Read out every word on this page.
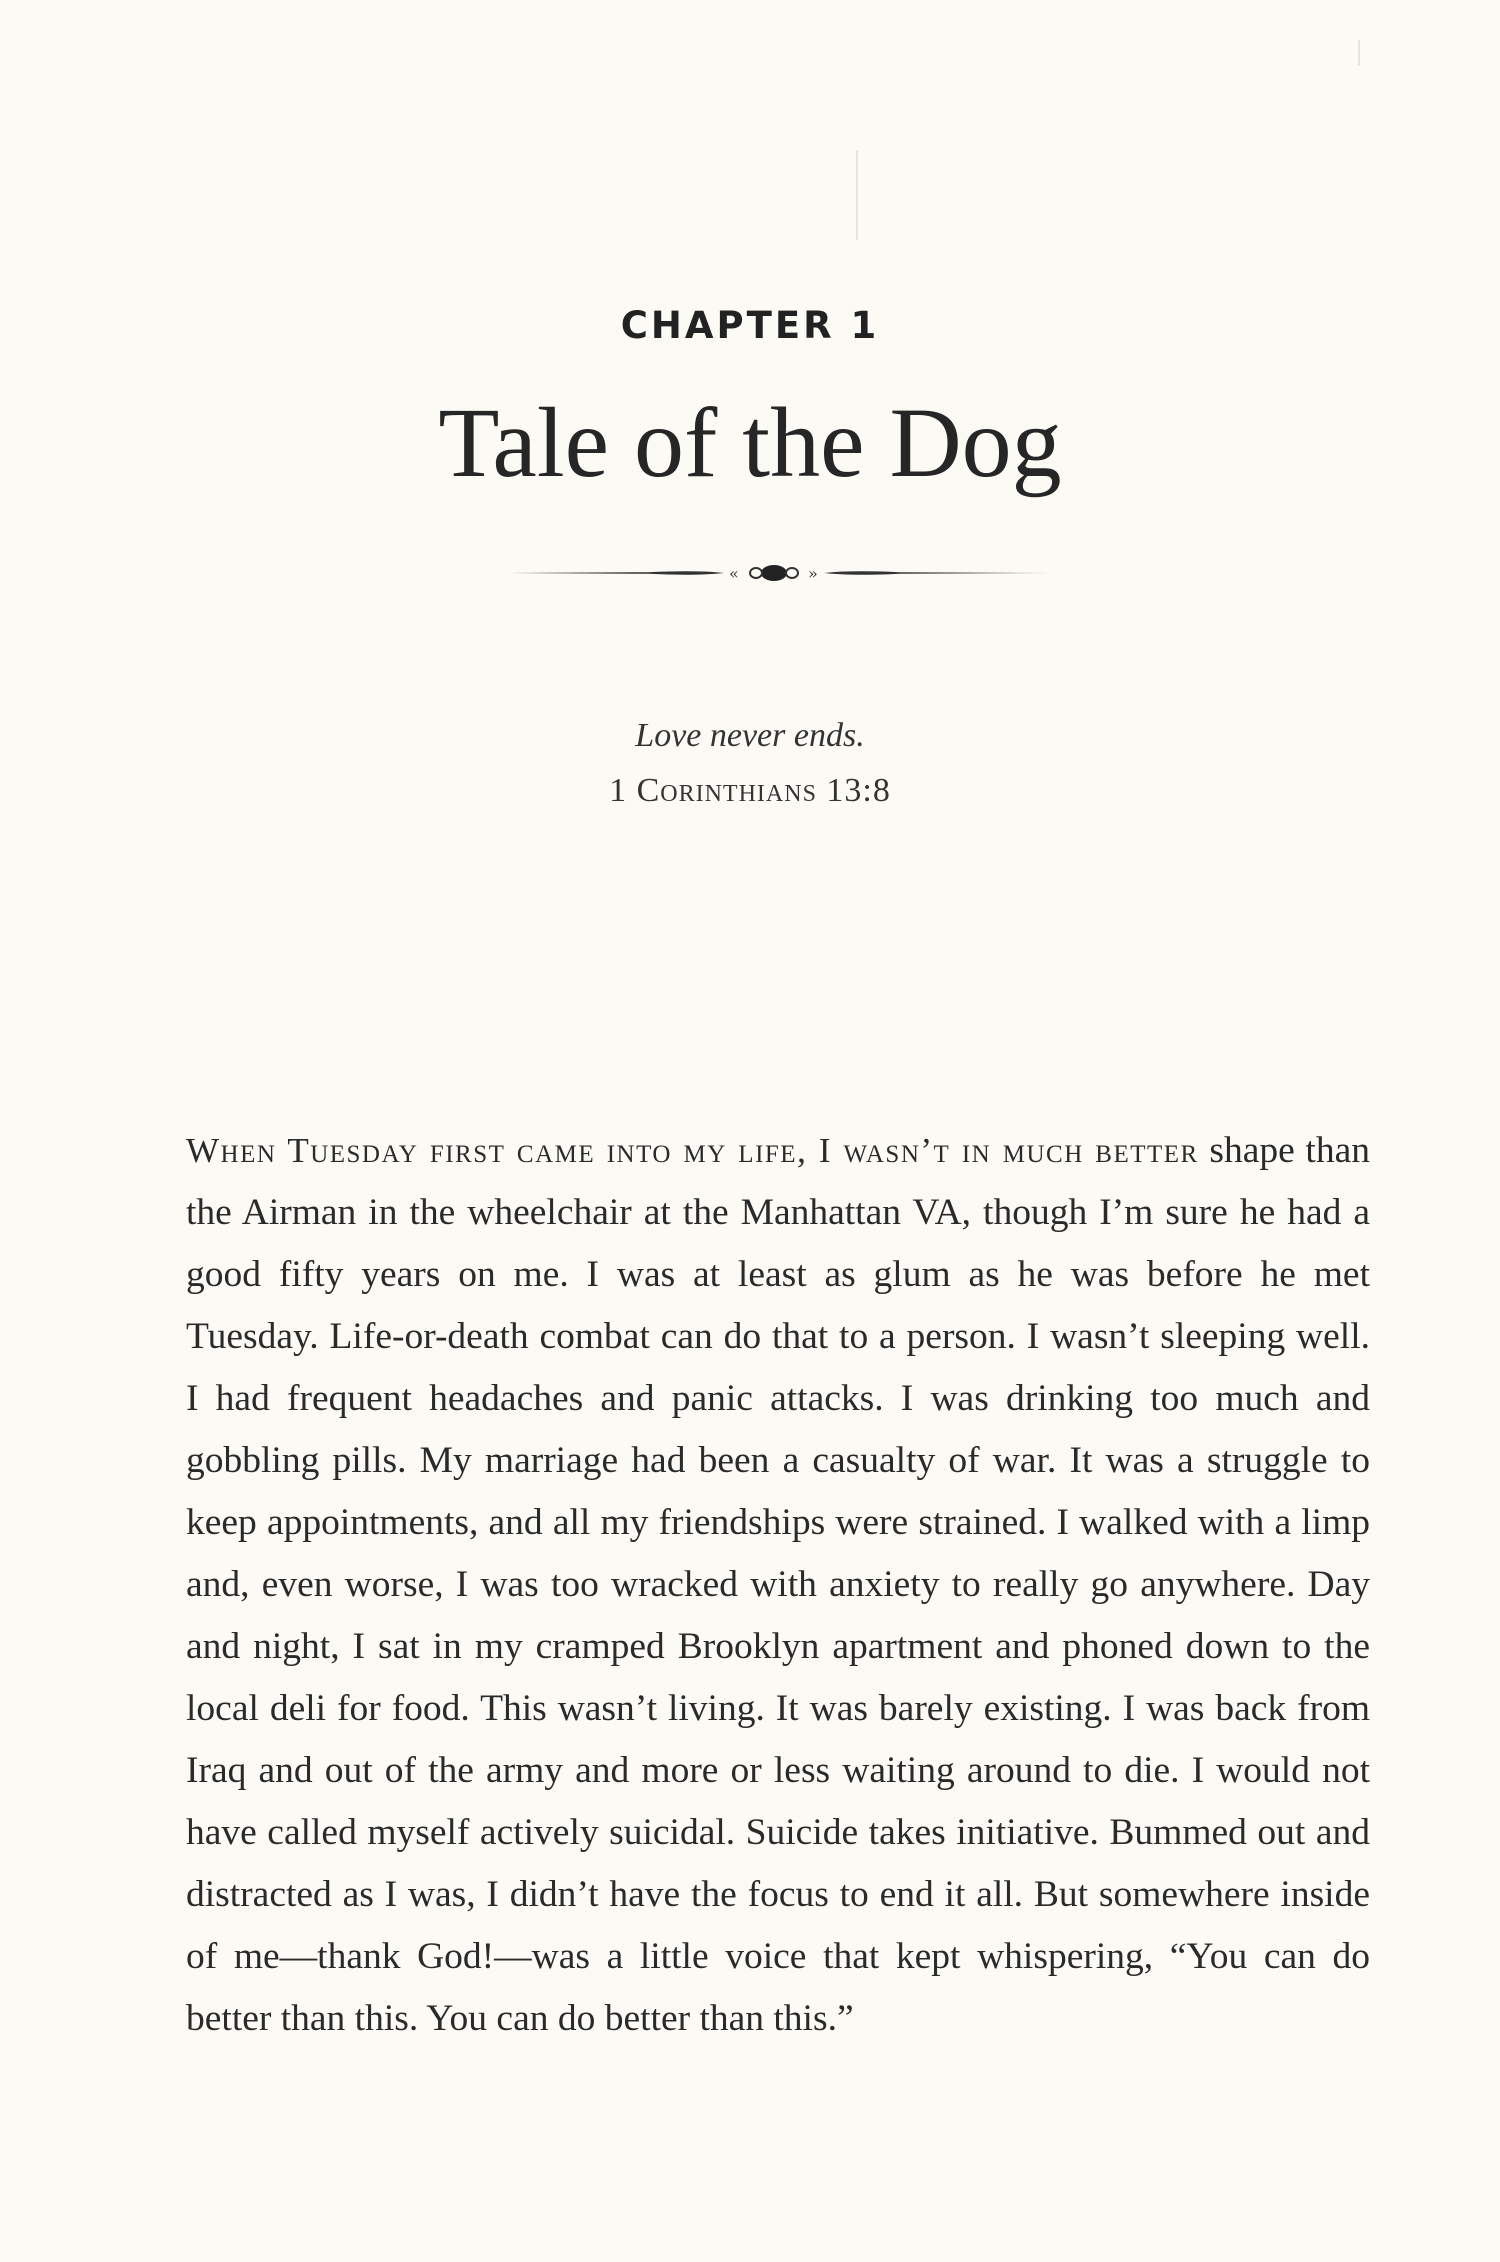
CHAPTER 1
Tale of the Dog
«	»
Love never ends.
1 Corinthians 13:8

When Tuesday first came into my life, I wasn’t in much better shape than the Airman in the wheelchair at the Manhattan VA, though I’m sure he had a good fifty years on me. I was at least as glum as he was before he met Tuesday. Life-or-death combat can do that to a person. I wasn’t sleeping well. I had frequent headaches and panic attacks. I was drinking too much and gobbling pills. My marriage had been a casualty of war. It was a struggle to keep appointments, and all my friendships were strained. I walked with a limp and, even worse, I was too wracked with anxiety to really go anywhere. Day and night, I sat in my cramped Brooklyn apartment and phoned down to the local deli for food. This wasn’t living. It was barely existing. I was back from Iraq and out of the army and more or less waiting around to die. I would not have called myself actively suicidal. Suicide takes initiative. Bummed out and distracted as I was, I didn’t have the focus to end it all. But somewhere inside of me—thank God!—was a little voice that kept whispering, “You can do better than this. You can do better than this.”
